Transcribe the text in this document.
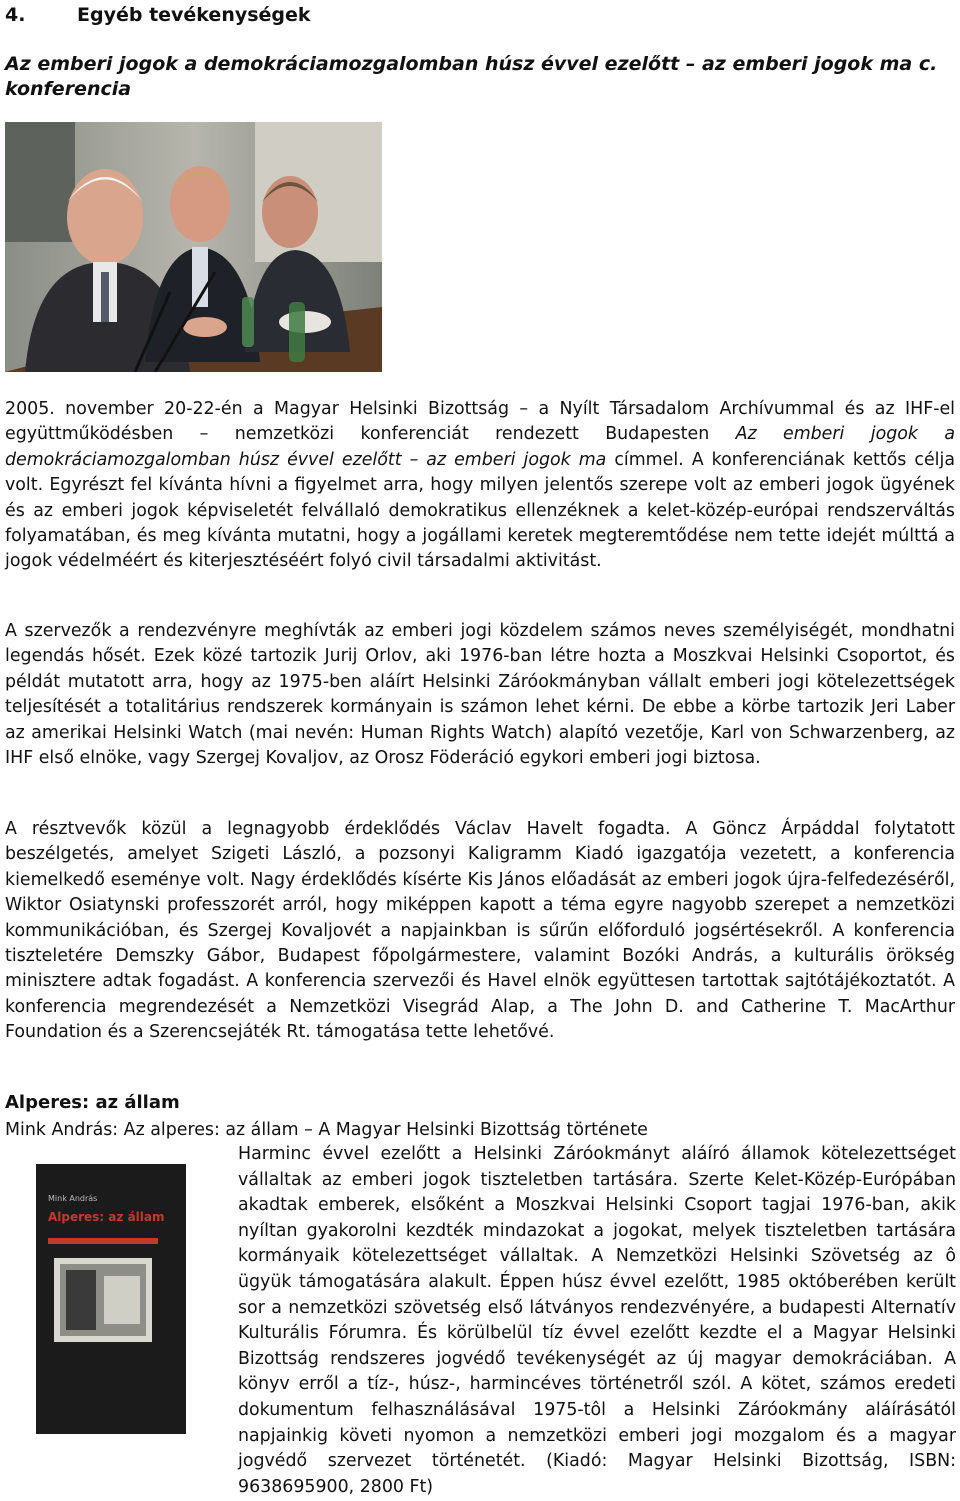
4.	Egyéb tevékenységek
Az emberi jogok a demokráciamozgalomban húsz évvel ezelőtt – az emberi jogok ma c. konferencia
2005. november 20-22-én a Magyar Helsinki Bizottság – a Nyílt Társadalom Archívummal és az IHF-el együttműködésben – nemzetközi konferenciát rendezett Budapesten Az emberi jogok a demokráciamozgalomban húsz évvel ezelőtt – az emberi jogok ma címmel. A konferenciának kettős célja volt. Egyrészt fel kívánta hívni a figyelmet arra, hogy milyen jelentős szerepe volt az emberi jogok ügyének és az emberi jogok képviseletét felvállaló demokratikus ellenzéknek a kelet-közép-európai rendszerváltás folyamatában, és meg kívánta mutatni, hogy a jogállami keretek megteremtődése nem tette idejét múlttá a jogok védelméért és kiterjesztéséért folyó civil társadalmi aktivitást.
A szervezők a rendezvényre meghívták az emberi jogi közdelem számos neves személyiségét, mondhatni legendás hősét. Ezek közé tartozik Jurij Orlov, aki 1976-ban létre hozta a Moszkvai Helsinki Csoportot, és példát mutatott arra, hogy az 1975-ben aláírt Helsinki Záróokmányban vállalt emberi jogi kötelezettségek teljesítését a totalitárius rendszerek kormányain is számon lehet kérni. De ebbe a körbe tartozik Jeri Laber az amerikai Helsinki Watch (mai nevén: Human Rights Watch) alapító vezetője, Karl von Schwarzenberg, az IHF első elnöke, vagy Szergej Kovaljov, az Orosz Föderáció egykori emberi jogi biztosa.
A résztvevők közül a legnagyobb érdeklődés Václav Havelt fogadta. A Göncz Árpáddal folytatott beszélgetés, amelyet Szigeti László, a pozsonyi Kaligramm Kiadó igazgatója vezetett, a konferencia kiemelkedő eseménye volt. Nagy érdeklődés kísérte Kis János előadását az emberi jogok újra-felfedezéséről, Wiktor Osiatynski professzorét arról, hogy miképpen kapott a téma egyre nagyobb szerepet a nemzetközi kommunikációban, és Szergej Kovaljovét a napjainkban is sűrűn előforduló jogsértésekről. A konferencia tiszteletére Demszky Gábor, Budapest főpolgármestere, valamint Bozóki András, a kulturális örökség minisztere adtak fogadást. A konferencia szervezői és Havel elnök együttesen tartottak sajtótájékoztatót. A konferencia megrendezését a Nemzetközi Visegrád Alap, a The John D. and Catherine T. MacArthur Foundation és a Szerencsejáték Rt. támogatása tette lehetővé.
Alperes: az állam
Mink András: Az alperes: az állam – A Magyar Helsinki Bizottság története
Mink András
Alperes: az állam
Harminc évvel ezelőtt a Helsinki Záróokmányt aláíró államok kötelezettséget vállaltak az emberi jogok tiszteletben tartására. Szerte Kelet-Közép-Európában akadtak emberek, elsőként a Moszkvai Helsinki Csoport tagjai 1976-ban, akik nyíltan gyakorolni kezdték mindazokat a jogokat, melyek tiszteletben tartására kormányaik kötelezettséget vállaltak. A Nemzetközi Helsinki Szövetség az ô ügyük támogatására alakult. Éppen húsz évvel ezelőtt, 1985 októberében került sor a nemzetközi szövetség első látványos rendezvényére, a budapesti Alternatív Kulturális Fórumra. És körülbelül tíz évvel ezelőtt kezdte el a Magyar Helsinki Bizottság rendszeres jogvédő tevékenységét az új magyar demokráciában. A könyv erről a tíz-, húsz-, harmincéves történetről szól. A kötet, számos eredeti dokumentum felhasználásával 1975-tôl a Helsinki Záróokmány aláírásától napjainkig követi nyomon a nemzetközi emberi jogi mozgalom és a magyar jogvédő szervezet történetét. (Kiadó: Magyar Helsinki Bizottság, ISBN: 9638695900, 2800 Ft)
